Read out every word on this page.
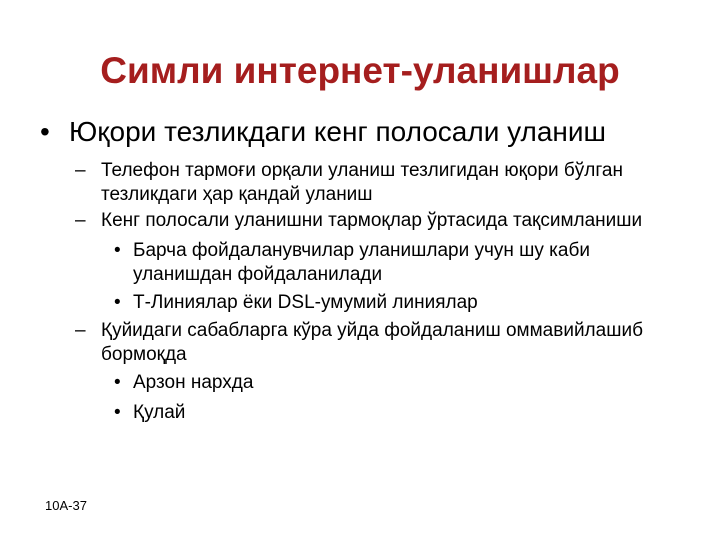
Симли интернет-уланишлар
• Юқори тезликдаги кенг полосали уланиш
– Телефон тармоғи орқали уланиш тезлигидан юқори бўлган
тезликдаги ҳар қандай уланиш
– Кенг полосали уланишни тармоқлар ўртасида тақсимланиши
• Барча фойдаланувчилар уланишлари учун шу каби
уланишдан фойдаланилади
• Т-Линиялар ёки DSL-умумий линиялар
– Қуйидаги сабабларга кўра уйда фойдаланиш оммавийлашиб
бормоқда
• Арзон нархда
• Қулай
10A-37
